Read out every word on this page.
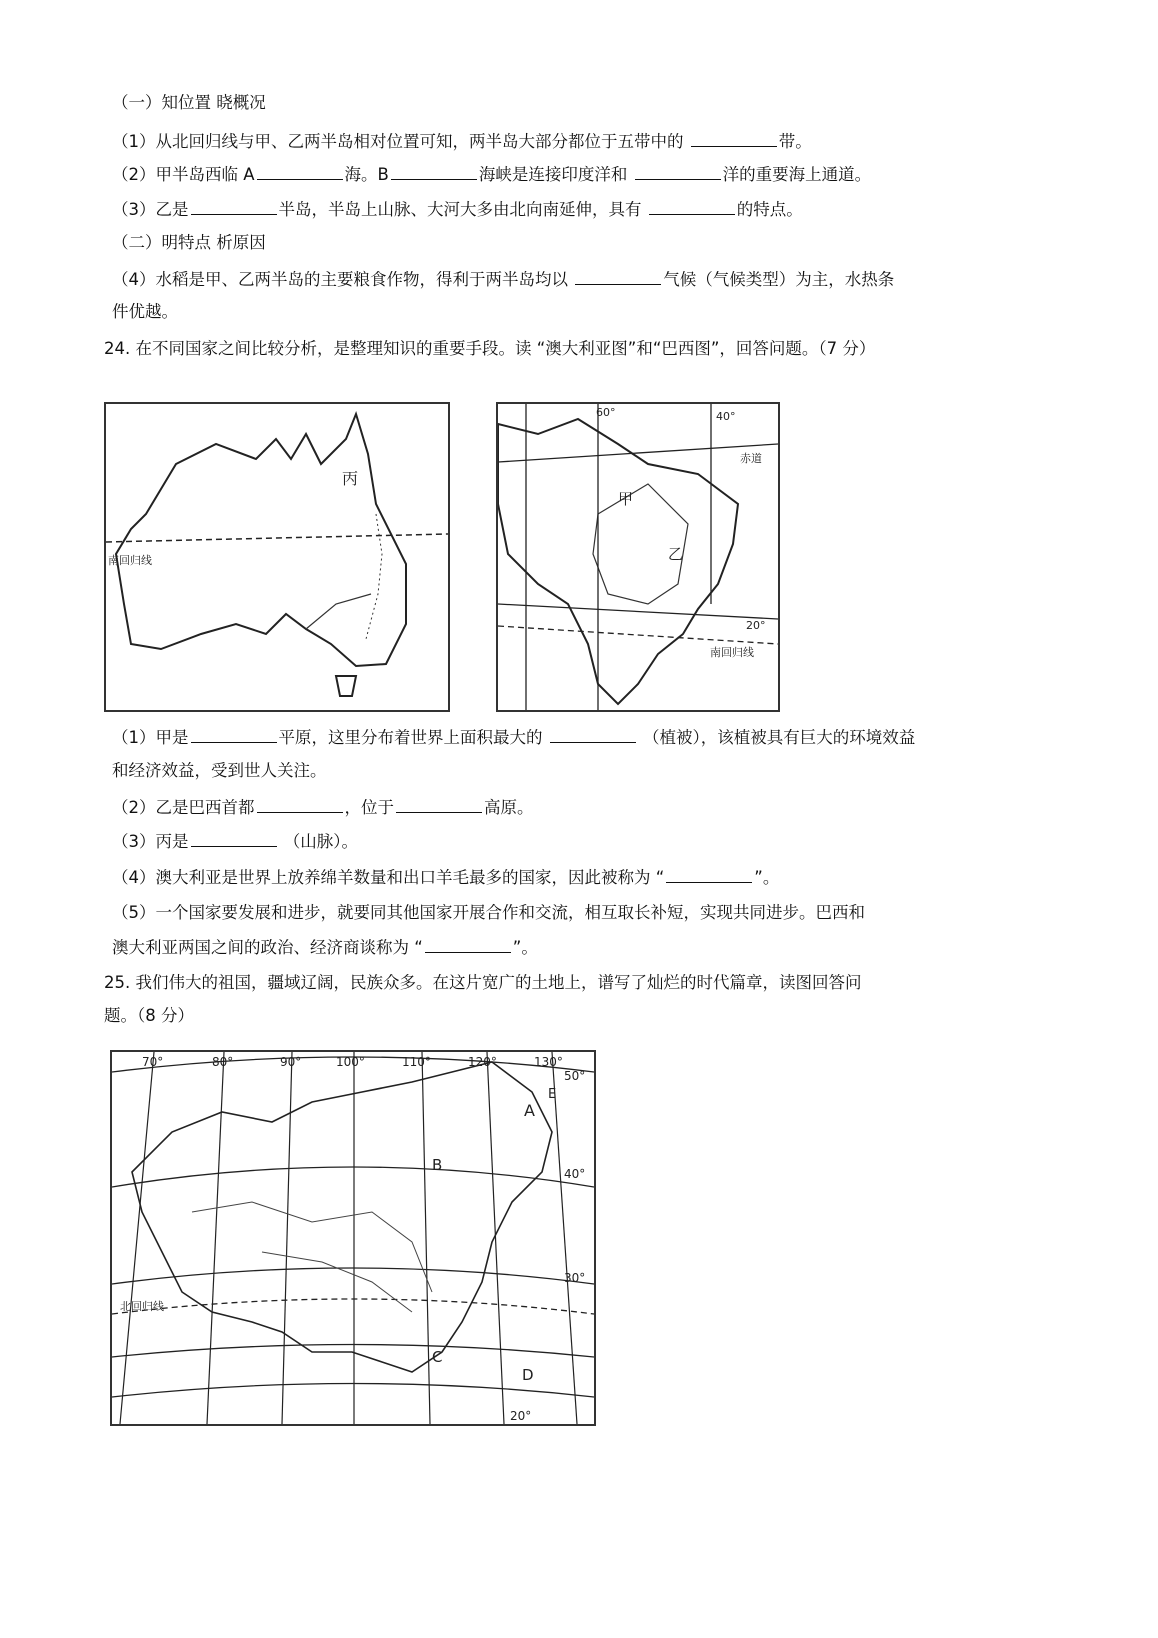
（一）知位置 晓概况
（1）从北回归线与甲、乙两半岛相对位置可知，两半岛大部分都位于五带中的	带。
（2）甲半岛西临 A	海。B	海峡是连接印度洋和	洋的重要海上通道。
（3）乙是	半岛，半岛上山脉、大河大多由北向南延伸，具有	的特点。
（二）明特点 析原因
（4）水稻是甲、乙两半岛的主要粮食作物，得利于两半岛均以	气候（气候类型）为主，水热条
件优越。
24. 在不同国家之间比较分析，是整理知识的重要手段。读 “澳大利亚图”和“巴西图”，回答问题。（7 分）
丙
南回归线
60°	40°
赤道
甲
乙
20°
南回归线
（1）甲是	平原，这里分布着世界上面积最大的	（植被），该植被具有巨大的环境效益
和经济效益，受到世人关注。
（2）乙是巴西首都	，位于	高原。
（3）丙是	（山脉）。
（4）澳大利亚是世界上放养绵羊数量和出口羊毛最多的国家，因此被称为 “	”。
（5）一个国家要发展和进步，就要同其他国家开展合作和交流，相互取长补短，实现共同进步。巴西和
澳大利亚两国之间的政治、经济商谈称为 “	”。
25. 我们伟大的祖国，疆域辽阔，民族众多。在这片宽广的土地上，谱写了灿烂的时代篇章，读图回答问
题。（8 分）
70°	80°	90°	100°	110°	120°	130°
50°
40°
30°
20°
A
B
C
D
E
北回归线
